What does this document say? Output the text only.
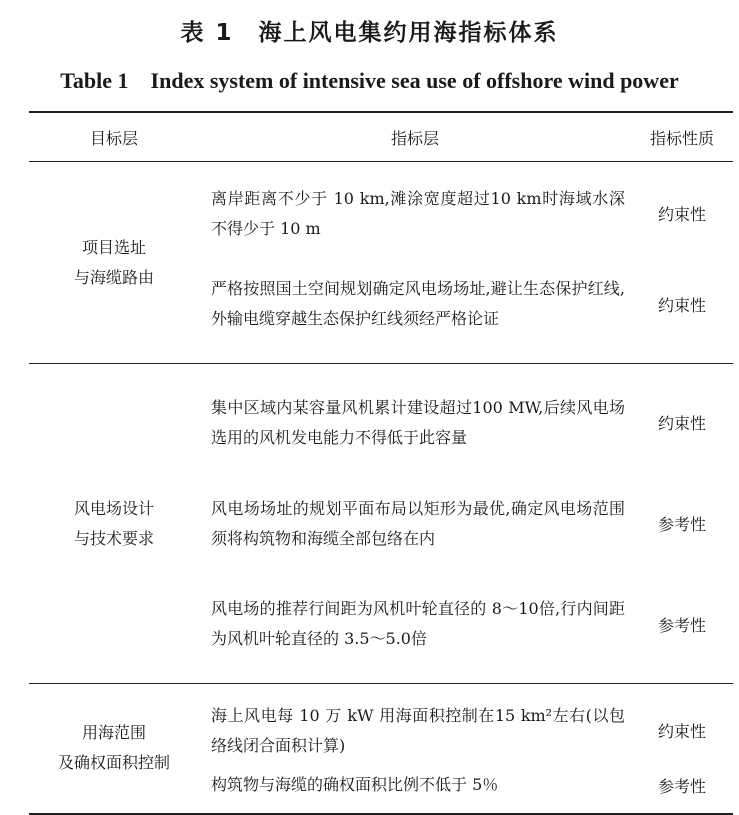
表 1　海上风电集约用海指标体系
Table 1　Index system of intensive sea use of offshore wind power
目标层	指标层	指标性质

项目选址
与海缆路由	离岸距离不少于 10 km,滩涂宽度超过10 km时海域水深不得少于 10 m	约束性
	严格按照国土空间规划确定风电场场址,避让生态保护红线,外输电缆穿越生态保护红线须经严格论证	约束性

风电场设计
与技术要求	集中区域内某容量风机累计建设超过100 MW,后续风电场选用的风机发电能力不得低于此容量	约束性
	风电场场址的规划平面布局以矩形为最优,确定风电场范围须将构筑物和海缆全部包络在内	参考性
	风电场的推荐行间距为风机叶轮直径的 8～10倍,行内间距为风机叶轮直径的 3.5～5.0倍	参考性

用海范围
及确权面积控制	海上风电每 10 万 kW 用海面积控制在15 km²左右(以包络线闭合面积计算)	约束性
	构筑物与海缆的确权面积比例不低于 5％	参考性
